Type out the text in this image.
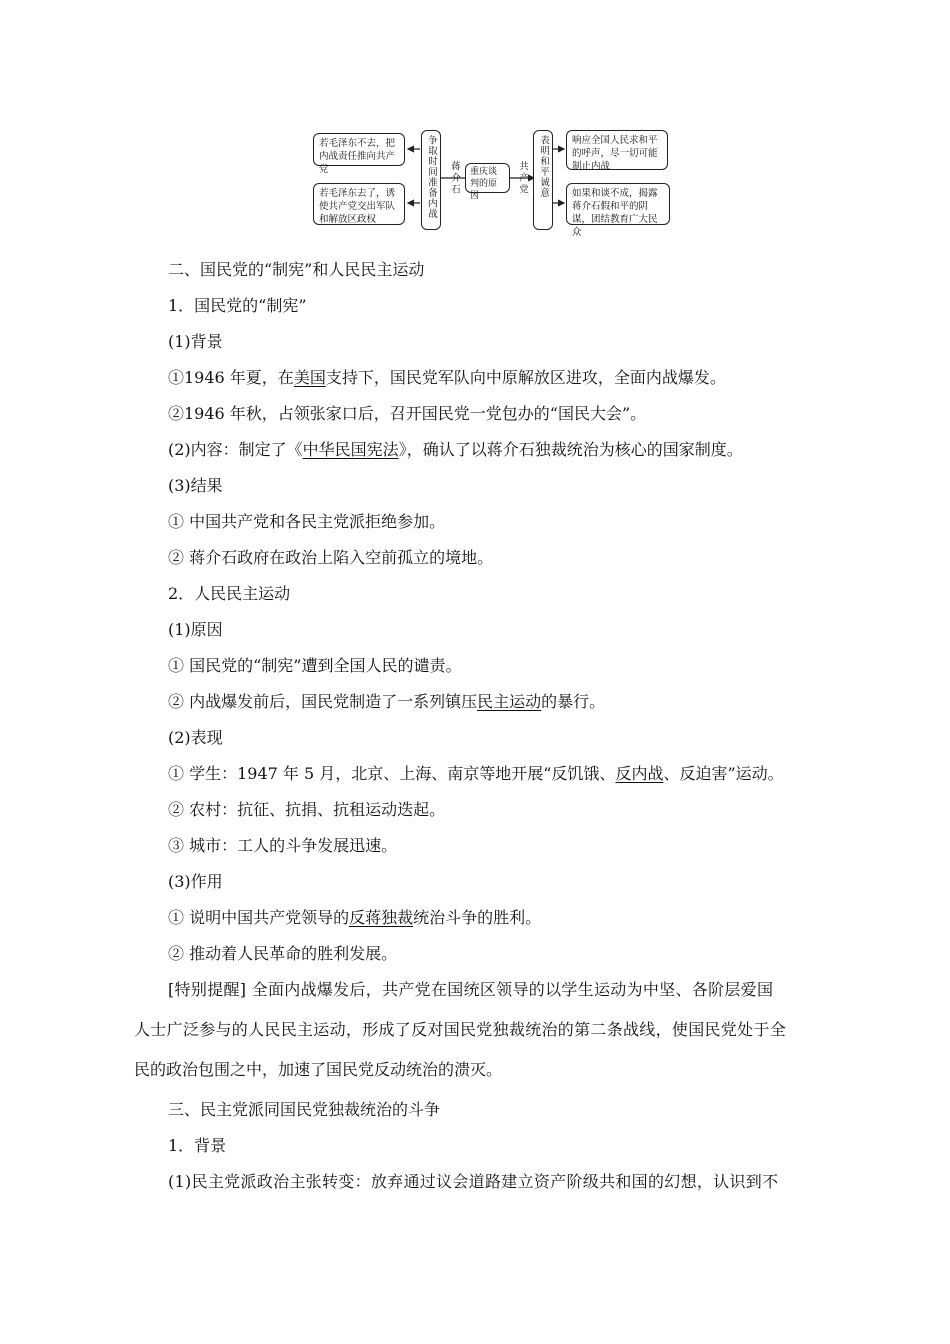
若毛泽东不去，把内战责任推向共产党
若毛泽东去了，诱使共产党交出军队和解放区政权
争取时间准备内战 蒋介石	重庆谈判的原因
共产党 表明和平诚意	响应全国人民求和平的呼声，尽一切可能制止内战
如果和谈不成，揭露蒋介石假和平的阴谋，团结教育广大民众
二、国民党的“制宪”和人民民主运动
1．国民党的“制宪”
(1)背景
①1946 年夏，在美国支持下，国民党军队向中原解放区进攻，全面内战爆发。
②1946 年秋，占领张家口后，召开国民党一党包办的“国民大会”。
(2)内容：制定了《中华民国宪法》，确认了以蒋介石独裁统治为核心的国家制度。
(3)结果
① 中国共产党和各民主党派拒绝参加。
② 蒋介石政府在政治上陷入空前孤立的境地。
2．人民民主运动
(1)原因
① 国民党的“制宪”遭到全国人民的谴责。
② 内战爆发前后，国民党制造了一系列镇压民主运动的暴行。
(2)表现
① 学生：1947 年 5 月，北京、上海、南京等地开展“反饥饿、反内战、反迫害”运动。
② 农村：抗征、抗捐、抗租运动迭起。
③ 城市：工人的斗争发展迅速。
(3)作用
① 说明中国共产党领导的反蒋独裁统治斗争的胜利。
② 推动着人民革命的胜利发展。
[特别提醒] 全面内战爆发后，共产党在国统区领导的以学生运动为中坚、各阶层爱国
人士广泛参与的人民民主运动，形成了反对国民党独裁统治的第二条战线，使国民党处于全
民的政治包围之中，加速了国民党反动统治的溃灭。
三、民主党派同国民党独裁统治的斗争
1．背景
(1)民主党派政治主张转变：放弃通过议会道路建立资产阶级共和国的幻想，认识到不
